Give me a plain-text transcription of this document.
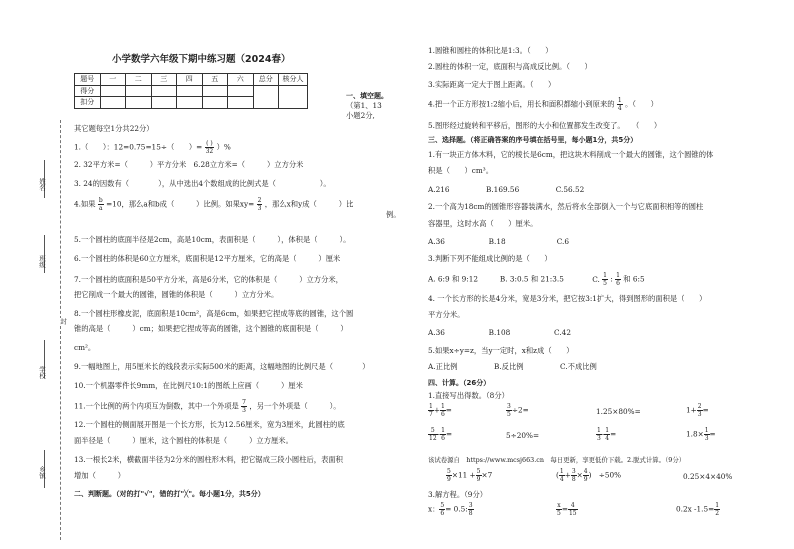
姓名
班级
学校
乡镇
封
小学数学六年级下期中练习题（2024春）
题号	一	二	三	四	五	六	总分	核分人
得分								
扣分								
一、填空题。
（第1、13
小题2分,
其它题每空1分共22分）
1.（　　）：12=0.75=15÷（　　）= $\frac{( )}{32}$ ）%
2. 32平方米=（　　　）平方分米　6.28立方米=（　　　）立方分米
3. 24的因数有（　　　　），从中选出4个数组成的比例式是（　　　　　　）。
4.如果 $\frac{b}{a} =10$，那么a和b成（　　　）比例。如果$xy= \frac{2}{3}$ ，那么x和y成（　　　）比
例。
5.一个圆柱的底面半径是2cm，高是10cm，表面积是（　　　），体积是（　　　）。
6.一个圆柱的体积是60立方厘米，底面积是12平方厘米，它的高是（　　　）厘米
7.一个圆柱的底面积是50平方分米，高是6分米，它的体积是（　　　）立方分米，
把它削成一个最大的圆锥，圆锥的体积是（　　　）立方分米。
8.一个圆柱形橡皮泥，底面积是10cm²，高是6cm，如果把它捏成等底的圆锥，这个圆
锥的高是（　　　）cm；如果把它捏成等高的圆锥，这个圆锥的底面积是（　　　）
cm²。
9.一幅地图上，用5厘米长的线段表示实际500米的距离，这幅地图的比例尺是（　　　　）
10.一个机器零件长9mm，在比例尺10:1的图纸上应画（　　　）厘米
11.一个比例的两个内项互为倒数，其中一个外项是 $\frac{7}{3}$ ，另一个外项是（　　　）。
12.一个圆柱的侧面展开图是一个长方形，长为12.56厘米，宽为3厘米，此圆柱的底
面半径是（　　　）厘米，这个圆柱的体积是（　　　）立方厘米。
13.一根长2米，横截面半径为2分米的圆柱形木料，把它锯成三段小圆柱后，表面积
增加（　　　）
二、判断题。（对的打"√"，错的打"╳"。每小题1分，共5分）
1.圆锥和圆柱的体积比是1:3。（　　）
2.圆柱的体积一定，底面积与高成反比例。（　　）
3.实际距离一定大于图上距离。（　　）
4.把一个正方形按1:2缩小后，用长和面积都缩小到原来的 $\frac{1}{4}$ 。（　　）
5.图形经过旋转和平移后，图形的大小和位置都发生改变了。　　（　　）
三、选择题。（将正确答案的序号填在括号里，每小题1分，共5分）
1.有一块正方体木料，它的棱长是6cm，把这块木料削成一个最大的圆锥，这个圆锥的体
积是（　　）cm³。
A.216　　　　　B.169.56　　　　　C.56.52
2.一个高为18cm的圆锥形容器装满水，然后将水全部倒入一个与它底面积相等的圆柱
容器里，这时水高（　　）厘米。
A.36　　　　　　B.18　　　　　　　C.6
3.判断下列不能组成比例的是（　　）
A. 6:9 和 9:12　　　B. 3:0.5 和 21:3.5	C. $\frac{1}{5}$ : $\frac{1}{6}$ 和 6:5
4. 一个长方形的长是4分米，宽是3分米，把它按3:1扩大，得到图形的面积是（　　）
平方分米。
A.36　　　　　　B.108　　　　　　C.42
5.如果x÷y=z，当y一定时，x和z成（　　）
A.正比例　　　　　B.反比例　　　　　C.不成比例
四、计算。（26分）
1.直接写出得数。（8分）
$\frac{1}{7} + \frac{1}{6}$ =	$\frac{3}{5} \div 2=$	1.25×80%=	$1+ \frac{2}{3}$ =
$\frac{5}{12} - \frac{1}{6}$ =	5÷20%=	$\frac{1}{3} - \frac{1}{4}$ =	$1.8\times \frac{1}{3}$ =
该试卷源自　https://www.mcsj663.cn　每日更新，享更低价下载。2.脱式计算。（9分）
$\frac{5}{9} \times 11 + \frac{5}{9} \times 7$	( $\frac{1}{4} + \frac{3}{8} \times \frac{4}{9}$ )　÷50%	0.25×4×40%
3.解方程。（9分）
x： $\frac{5}{6} = 0.5$: $\frac{3}{8}$	$\frac{x}{5} = \frac{4}{15}$	0.2x $-1.5= \frac{1}{2}$
